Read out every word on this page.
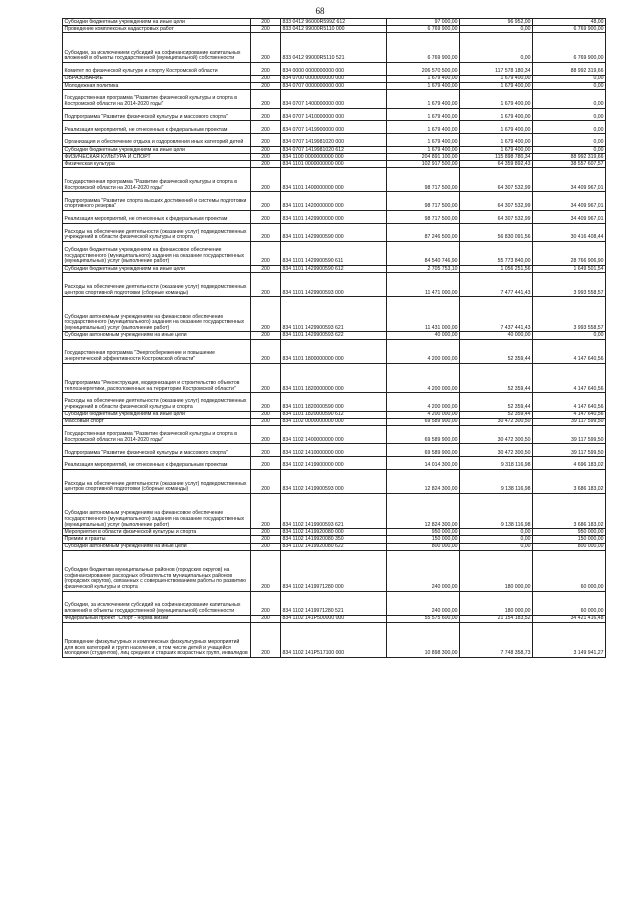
68
Субсидии бюджетным учреждениям на иные цели	200	833 0412 96000R599Z 612	97 000,00	96 952,00	48,00
Проведение комплексных кадастровых работ	200	833 0412 99000R5110 000	6 769 900,00	0,00	6 769 900,00
Субсидии, за исключением субсидий на софинансирование капитальных вложений в объекты государственной (муниципальной) собственности	200	833 0412 99000R5110 521	6 769 900,00	0,00	6 769 900,00
Комитет по физической культуре и спорту Костромской области	200	834 0000 0000000000 000	206 570 500,00	117 578 180,34	88 992 319,66
ОБРАЗОВАНИЕ	200	834 0700 0000000000 000	1 679 400,00	1 679 400,00	0,00
Молодежная политика	200	834 0707 0000000000 000	1 679 400,00	1 679 400,00	0,00
Государственная программа "Развитие физической культуры и спорта в Костромской области на 2014-2020 годы"	200	834 0707 1400000000 000	1 679 400,00	1 679 400,00	0,00
Подпрограмма "Развитие физической культуры и массового спорта"	200	834 0707 1410000000 000	1 679 400,00	1 679 400,00	0,00
Реализация мероприятий, не отнесенных к федеральным проектам	200	834 0707 1419900000 000	1 679 400,00	1 679 400,00	0,00
Организация и обеспечение отдыха и оздоровления иных категорий детей	200	834 0707 1419981020 000	1 679 400,00	1 679 400,00	0,00
Субсидии бюджетным учреждениям на иные цели	200	834 0707 1419981020 612	1 679 400,00	1 679 400,00	0,00
ФИЗИЧЕСКАЯ КУЛЬТУРА И СПОРТ	200	834 1100 0000000000 000	204 891 100,00	115 898 780,34	88 992 319,66
Физическая культура	200	834 1101 0000000000 000	102 917 500,00	64 359 892,43	38 557 607,57
Государственная программа "Развитие физической культуры и спорта в Костромской области на 2014-2020 годы"	200	834 1101 1400000000 000	98 717 500,00	64 307 532,99	34 409 967,01
Подпрограмма "Развитие спорта высших достижений и системы подготовки спортивного резерва"	200	834 1101 1420000000 000	98 717 500,00	64 307 532,99	34 409 967,01
Реализация мероприятий, не отнесенных к федеральным проектам	200	834 1101 1429900000 000	98 717 500,00	64 307 532,99	34 409 967,01
Расходы на обеспечение деятельности (оказание услуг) подведомственных учреждений в области физической культуры и спорта	200	834 1101 1429900590 000	87 246 500,00	56 830 091,56	30 416 408,44
Субсидии бюджетным учреждениям на финансовое обеспечение государственного (муниципального) задания на оказание государственных (муниципальных) услуг (выполнение работ)	200	834 1101 1429900590 611	84 540 746,90	55 773 840,00	28 766 906,90
Субсидии бюджетным учреждениям на иные цели	200	834 1101 1429900590 612	2 705 753,10	1 056 251,56	1 649 501,54
Расходы на обеспечение деятельности (оказание услуг) подведомственных центров спортивной подготовки (сборные команды)	200	834 1101 1429900593 000	11 471 000,00	7 477 441,43	3 993 558,57
Субсидии автономным учреждениям на финансовое обеспечение государственного (муниципального) задания на оказание государственных (муниципальных) услуг (выполнение работ)	200	834 1101 1429900593 621	11 431 000,00	7 437 441,43	3 993 558,57
Субсидии автономным учреждениям на иные цели	200	834 1101 1429900593 622	40 000,00	40 000,00	0,00
Государственная программа "Энергосбережение и повышение энергетической эффективности Костромской области"	200	834 1101 1800000000 000	4 200 000,00	52 359,44	4 147 640,56
Подпрограмма "Реконструкция, модернизация и строительство объектов теплоэнергетики, расположенных на территории Костромской области"	200	834 1101 1820000000 000	4 200 000,00	52 359,44	4 147 640,56
Расходы на обеспечение деятельности (оказание услуг) подведомственных учреждений в области физической культуры и спорта	200	834 1101 1820000590 000	4 200 000,00	52 359,44	4 147 640,56
Субсидии бюджетным учреждениям на иные цели	200	834 1101 1820000590 612	4 200 000,00	52 359,44	4 147 640,56
Массовый спорт	200	834 1102 0000000000 000	69 589 900,00	30 472 300,50	39 117 599,50
Государственная программа "Развитие физической культуры и спорта в Костромской области на 2014-2020 годы"	200	834 1102 1400000000 000	69 589 900,00	30 472 300,50	39 117 599,50
Подпрограмма "Развитие физической культуры и массового спорта"	200	834 1102 1410000000 000	69 589 900,00	30 472 300,50	39 117 599,50
Реализация мероприятий, не отнесенных к федеральным проектам	200	834 1102 1419900000 000	14 014 300,00	9 318 116,98	4 696 183,02
Расходы на обеспечение деятельности (оказание услуг) подведомственных центров спортивной подготовки (сборные команды)	200	834 1102 1419900593 000	12 824 300,00	9 138 116,98	3 686 183,02
Субсидии автономным учреждениям на финансовое обеспечение государственного (муниципального) задания на оказание государственных (муниципальных) услуг (выполнение работ)	200	834 1102 1419900593 621	12 824 300,00	9 138 116,98	3 686 183,02
Мероприятия в области физической культуры и спорта	200	834 1102 1419920080 000	950 000,00	0,00	950 000,00
Премии и гранты	200	834 1102 1419920080 350	150 000,00	0,00	150 000,00
Субсидии автономным учреждениям на иные цели	200	834 1102 1419920080 622	800 000,00	0,00	800 000,00
Субсидии бюджетам муниципальных районов (городских округов) на софинансирование расходных обязательств муниципальных районов (городских округов), связанных с совершенствованием работы по развитию физической культуры и спорта	200	834 1102 1419971280 000	240 000,00	180 000,00	60 000,00
Субсидии, за исключением субсидий на софинансирование капитальных вложений в объекты государственной (муниципальной) собственности	200	834 1102 1419971280 521	240 000,00	180 000,00	60 000,00
Федеральный проект "Спорт - норма жизни"	200	834 1102 141P500000 000	55 575 600,00	21 154 183,52	34 421 416,48
Проведение физкультурных и комплексных физкультурных мероприятий для всех категорий и групп населения, в том числе детей и учащейся молодежи (студентов), лиц средних и старших возрастных групп, инвалидов	200	834 1102 141P517100 000	10 898 300,00	7 748 358,73	3 149 941,27
